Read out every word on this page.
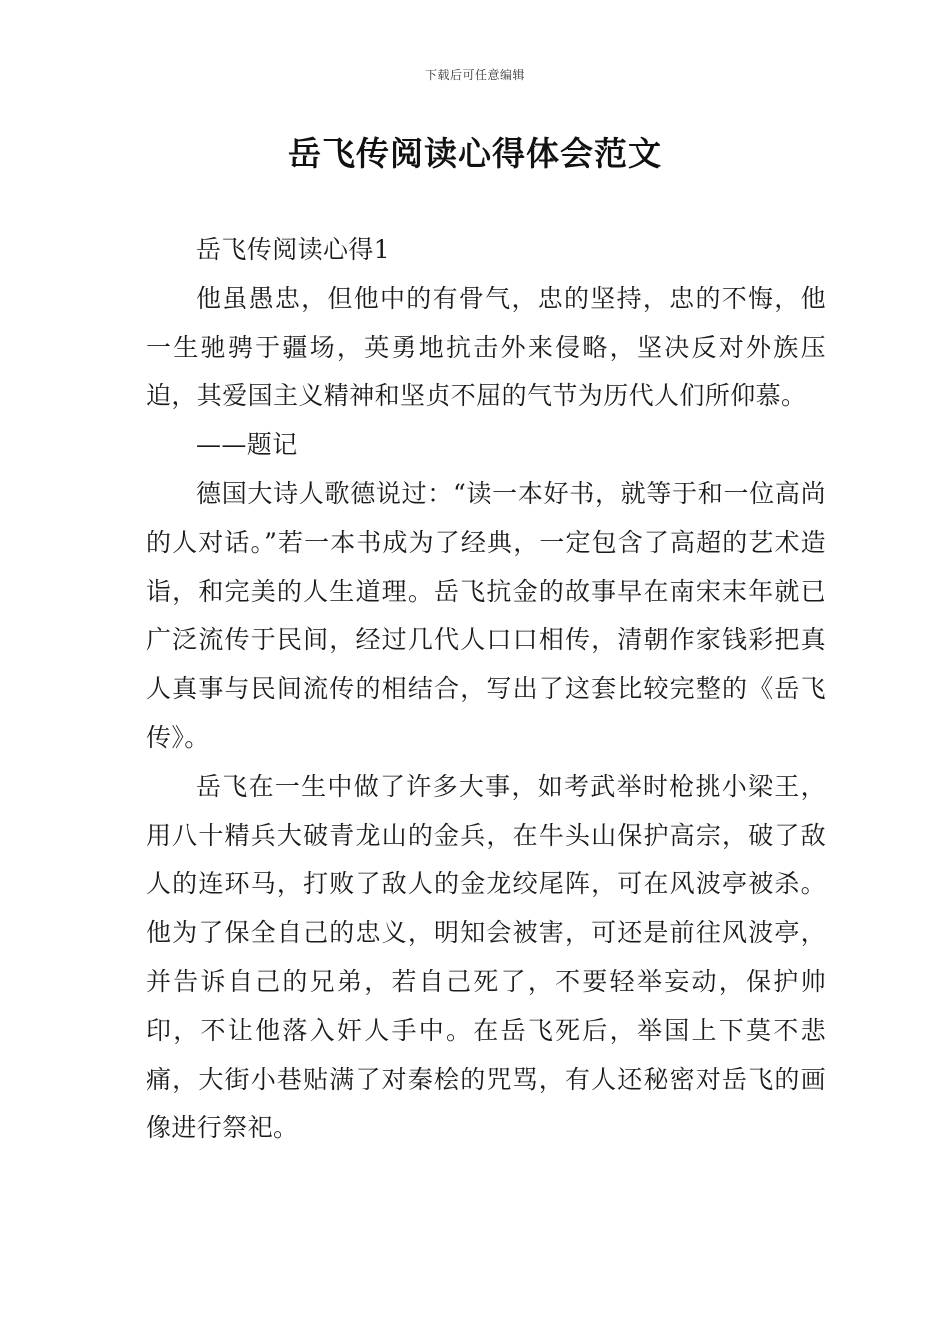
下载后可任意编辑
岳飞传阅读心得体会范文

岳飞传阅读心得1

他虽愚忠，但他中的有骨气，忠的坚持，忠的不悔，他一生驰骋于疆场，英勇地抗击外来侵略，坚决反对外族压迫，其爱国主义精神和坚贞不屈的气节为历代人们所仰慕。

——题记

德国大诗人歌德说过：“读一本好书，就等于和一位高尚的人对话。”若一本书成为了经典，一定包含了高超的艺术造诣，和完美的人生道理。岳飞抗金的故事早在南宋末年就已广泛流传于民间，经过几代人口口相传，清朝作家钱彩把真人真事与民间流传的相结合，写出了这套比较完整的《岳飞传》。

岳飞在一生中做了许多大事，如考武举时枪挑小梁王，用八十精兵大破青龙山的金兵，在牛头山保护高宗，破了敌人的连环马，打败了敌人的金龙绞尾阵，可在风波亭被杀。他为了保全自己的忠义，明知会被害，可还是前往风波亭，并告诉自己的兄弟，若自己死了，不要轻举妄动，保护帅印，不让他落入奸人手中。在岳飞死后，举国上下莫不悲痛，大街小巷贴满了对秦桧的咒骂，有人还秘密对岳飞的画像进行祭祀。
